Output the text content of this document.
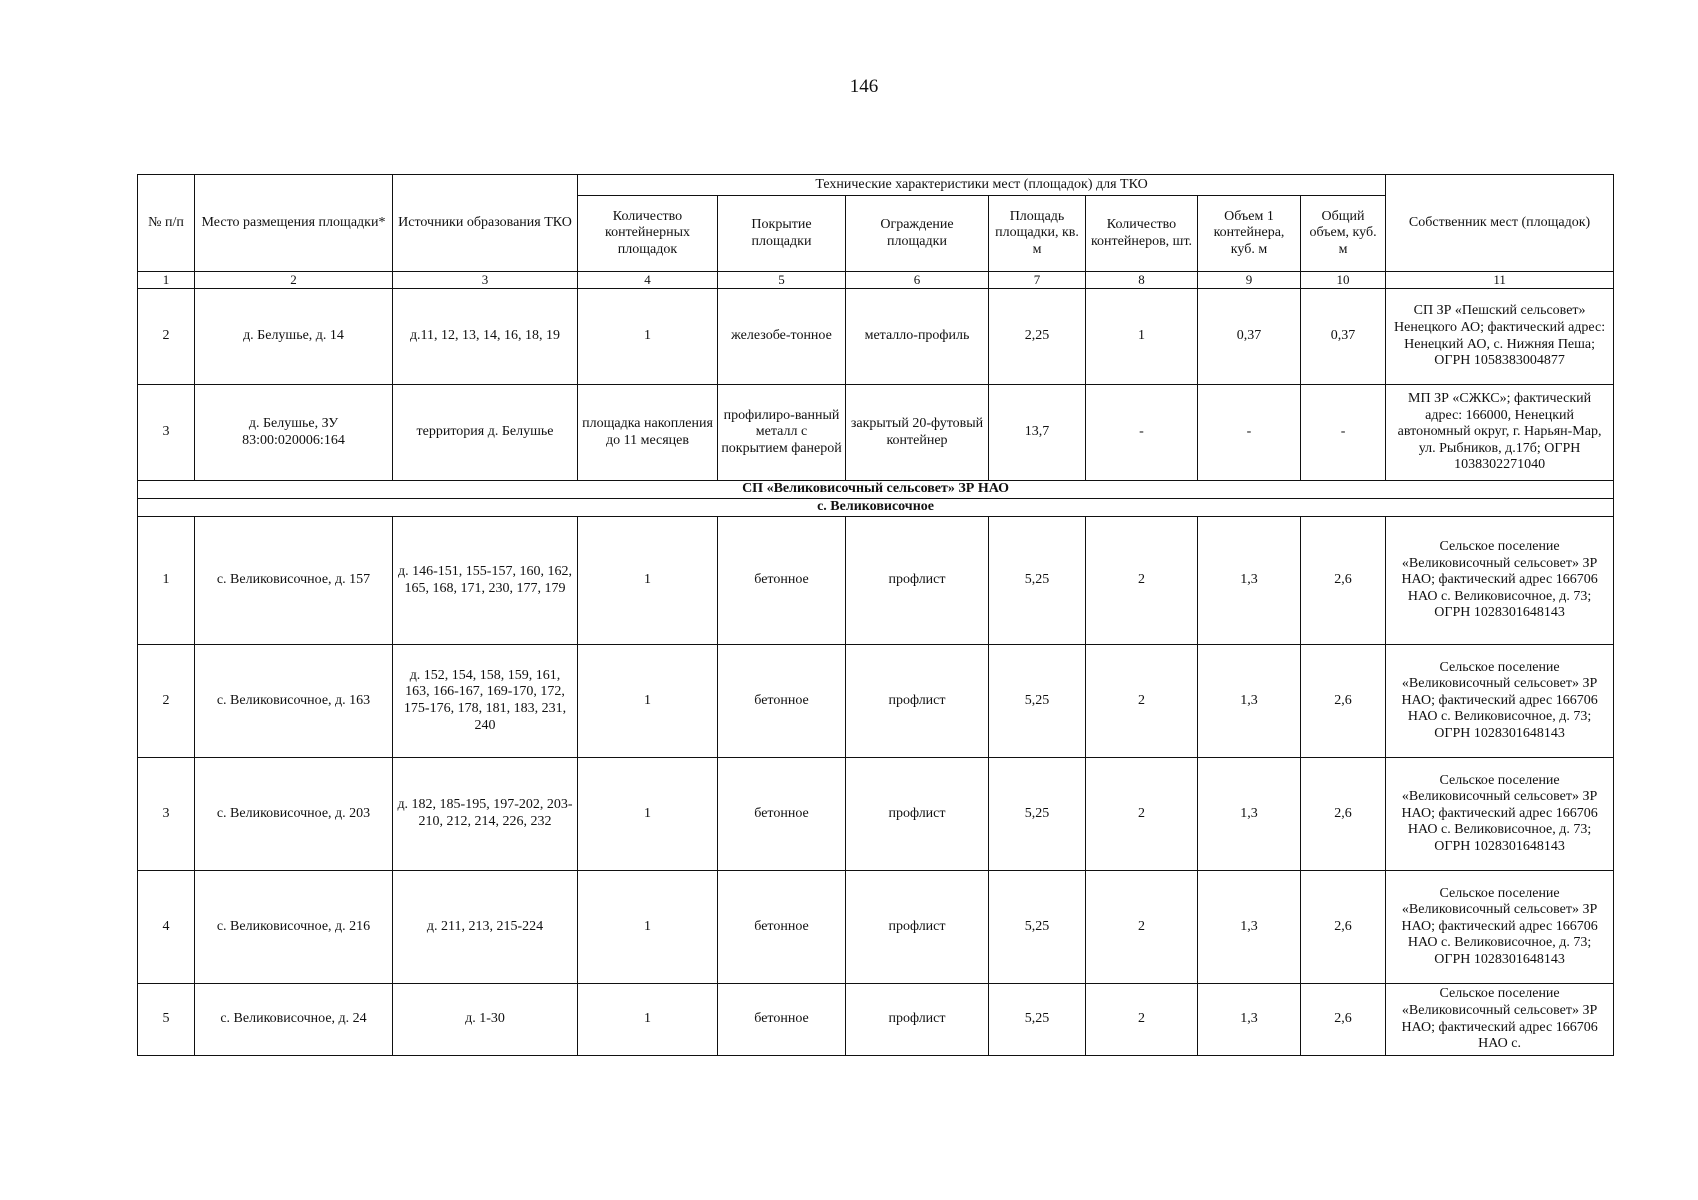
146
№ п/п	Место размещения площадки*	Источники образования ТКО	Технические характеристики мест (площадок) для ТКО							Собственник мест (площадок)
			Количество контейнерных площадок	Покрытие площадки	Ограждение площадки	Площадь площадки, кв. м	Количество контейнеров, шт.	Объем 1 контейнера, куб. м	Общий объем, куб. м	
1	2	3	4	5	6	7	8	9	10	11
2	д. Белушье, д. 14	д.11, 12, 13, 14, 16, 18, 19	1	железобе-тонное	металло-профиль	2,25	1	0,37	0,37	СП ЗР «Пешский сельсовет» Ненецкого АО; фактический адрес: Ненецкий АО, с. Нижняя Пеша; ОГРН 1058383004877
3	д. Белушье, ЗУ 83:00:020006:164	территория д. Белушье	площадка накопления до 11 месяцев	профилиро-ванный металл с покрытием фанерой	закрытый 20-футовый контейнер	13,7	-	-	-	МП ЗР «СЖКС»; фактический адрес: 166000, Ненецкий автономный округ, г. Нарьян-Мар, ул. Рыбников, д.17б; ОГРН 1038302271040
СП «Великовисочный сельсовет» ЗР НАО										
с. Великовисочное										
1	с. Великовисочное, д. 157	д. 146-151, 155-157, 160, 162, 165, 168, 171, 230, 177, 179	1	бетонное	профлист	5,25	2	1,3	2,6	Сельское поселение «Великовисочный сельсовет» ЗР НАО; фактический адрес 166706 НАО с. Великовисочное, д. 73; ОГРН 1028301648143
2	с. Великовисочное, д. 163	д. 152, 154, 158, 159, 161, 163, 166-167, 169-170, 172, 175-176, 178, 181, 183, 231, 240	1	бетонное	профлист	5,25	2	1,3	2,6	Сельское поселение «Великовисочный сельсовет» ЗР НАО; фактический адрес 166706 НАО с. Великовисочное, д. 73; ОГРН 1028301648143
3	с. Великовисочное, д. 203	д. 182, 185-195, 197-202, 203-210, 212, 214, 226, 232	1	бетонное	профлист	5,25	2	1,3	2,6	Сельское поселение «Великовисочный сельсовет» ЗР НАО; фактический адрес 166706 НАО с. Великовисочное, д. 73; ОГРН 1028301648143
4	с. Великовисочное, д. 216	д. 211, 213, 215-224	1	бетонное	профлист	5,25	2	1,3	2,6	Сельское поселение «Великовисочный сельсовет» ЗР НАО; фактический адрес 166706 НАО с. Великовисочное, д. 73; ОГРН 1028301648143
5	с. Великовисочное, д. 24	д. 1-30	1	бетонное	профлист	5,25	2	1,3	2,6	Сельское поселение «Великовисочный сельсовет» ЗР НАО; фактический адрес 166706 НАО с.
